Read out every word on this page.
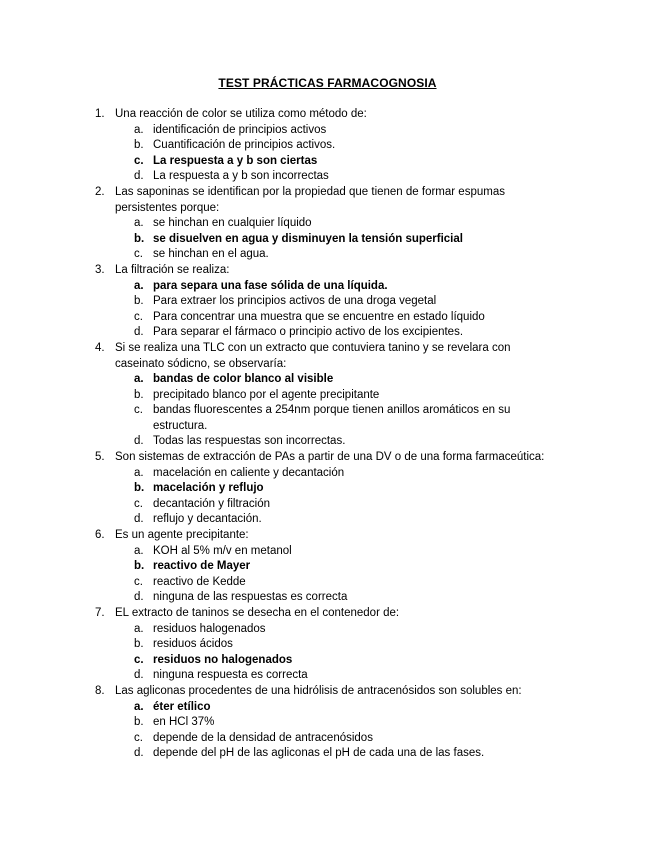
TEST PRÁCTICAS FARMACOGNOSIA
1. Una reacción de color se utiliza como método de:
a. identificación de principios activos
b. Cuantificación de principios activos.
c. La respuesta a y b son ciertas
d. La respuesta a y b son incorrectas
2. Las saponinas se identifican por la propiedad que tienen de formar espumas persistentes porque:
a. se hinchan en cualquier líquido
b. se disuelven en agua y disminuyen la tensión superficial
c. se hinchan en el agua.
3. La filtración se realiza:
a. para separa una fase sólida de una líquida.
b. Para extraer los principios activos de una droga vegetal
c. Para concentrar una muestra que se encuentre en estado líquido
d. Para separar el fármaco o principio activo de los excipientes.
4. Si se realiza una TLC con un extracto que contuviera tanino y se revelara con caseinato sódicno, se observaría:
a. bandas de color blanco al visible
b. precipitado blanco por el agente precipitante
c. bandas fluorescentes a 254nm porque tienen anillos aromáticos en su estructura.
d. Todas las respuestas son incorrectas.
5. Son sistemas de extracción de PAs a partir de una DV o de una forma farmaceútica:
a. macelación en caliente y decantación
b. macelación y reflujo
c. decantación y filtración
d. reflujo y decantación.
6. Es un agente precipitante:
a. KOH al 5% m/v en metanol
b. reactivo de Mayer
c. reactivo de Kedde
d. ninguna de las respuestas es correcta
7. EL extracto de taninos se desecha en el contenedor de:
a. residuos halogenados
b. residuos ácidos
c. residuos no halogenados
d. ninguna respuesta es correcta
8. Las agliconas procedentes de una hidrólisis de antracenósidos son solubles en:
a. éter etílico
b. en HCl 37%
c. depende de la densidad de antracenósidos
d. depende del pH de las agliconas el pH de cada una de las fases.
